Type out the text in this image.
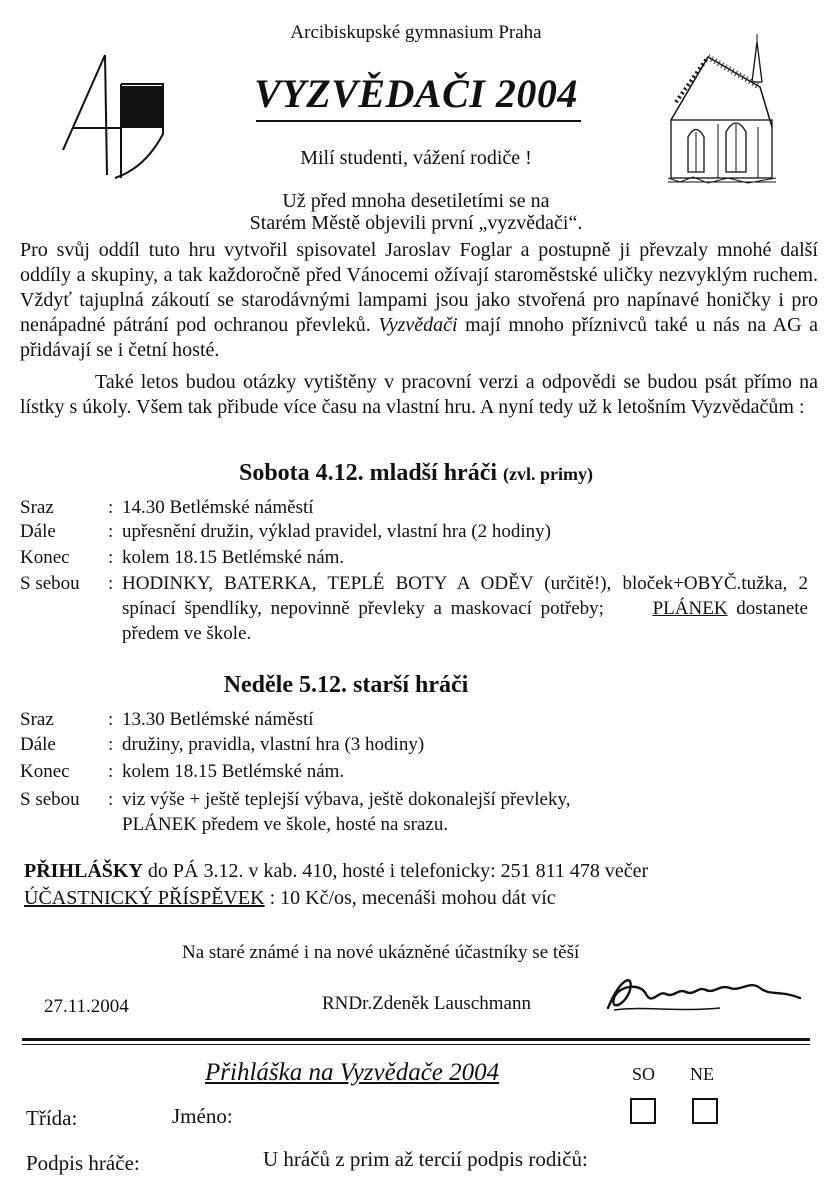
Arcibiskupské gymnasium Praha
VYZVĚDAČI 2004
Milí studenti, vážení rodiče !
Už před mnoha desetiletími se na
Starém Městě objevili první „vyzvědači“.
Pro svůj oddíl tuto hru vytvořil spisovatel Jaroslav Foglar a postupně ji převzaly mnohé další oddíly a skupiny, a tak každoročně před Vánocemi ožívají staroměstské uličky nezvyklým ruchem. Vždyť tajuplná zákoutí se starodávnými lampami jsou jako stvořená pro napínavé honičky i pro nenápadné pátrání pod ochranou převleků. Vyzvědači mají mnoho příznivců také u nás na AG a přidávají se i četní hosté.
Také letos budou otázky vytištěny v pracovní verzi a odpovědi se budou psát přímo na lístky s úkoly. Všem tak přibude více času na vlastní hru. A nyní tedy už k letošním Vyzvědačům :
Sobota 4.12. mladší hráči (zvl. primy)
Sraz	: 14.30 Betlémské náměstí
Dále	: upřesnění družin, výklad pravidel, vlastní hra (2 hodiny)
Konec : kolem 18.15 Betlémské nám.
S sebou : HODINKY, BATERKA, TEPLÉ BOTY A ODĚV (určitě!), bloček+OBYČ.tužka, 2 spínací špendlíky, nepovinně převleky a maskovací potřeby;	PLÁNEK dostanete předem ve škole.
Neděle 5.12. starší hráči
Sraz	: 13.30 Betlémské náměstí
Dále	: družiny, pravidla, vlastní hra (3 hodiny)
Konec : kolem 18.15 Betlémské nám.
S sebou : viz výše + ještě teplejší výbava, ještě dokonalejší převleky,
PLÁNEK předem ve škole, hosté na srazu.
PŘIHLÁŠKY do PÁ 3.12. v kab. 410, hosté i telefonicky: 251 811 478 večer
ÚČASTNICKÝ PŘÍSPĚVEK : 10 Kč/os, mecenáši mohou dát víc
Na staré známé i na nové ukázněné účastníky se těší
27.11.2004	RNDr.Zdeněk Lauschmann
Přihláška na Vyzvědače 2004	SO NE
Třída:	Jméno:
Podpis hráče:	U hráčů z prim až tercií podpis rodičů:
